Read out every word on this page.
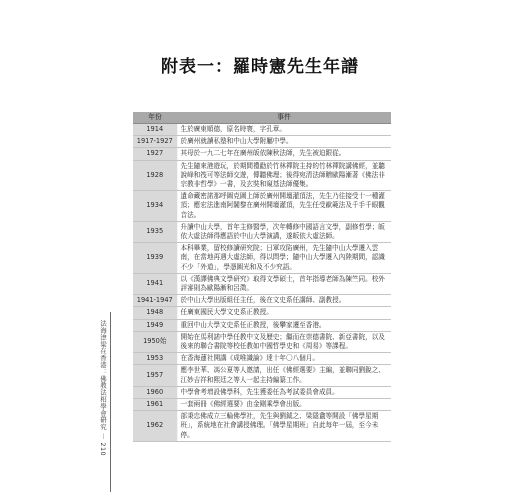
附表一：羅時憲先生年譜
年份	事件
1914	生於廣東順德，原名時寰，字孔章。
1917-1927	於廣州就讀私塾和中山大學附屬中學。
1927	其母於一九二七年在廣州皈依陳秋法師，先生被迫跟從。
1928	先生隨來港遊玩，於期間禮勸於竹林禪院主持的竹林禪院講佛經，並聽說峰和筏可等法師交遊，傳聽佛理；後得宛清法師贈歐陽漸著《佛法非宗教非哲學》一書，及玄奘和窺基法師優集。
1934	遺命藏密諾那呼圖克圖上師於廣州開壇灌頂法，先生乃往接受十一種灌頂；應宏法進南阿闍黎在廣州開壇灌頂，先生任受歐範法及千手千眼觀音法。
1935	升讀中山大學，首年主修醫學，次年轉修中國語言文學，副修哲學；皈依大虛法師得應語於中山大學演講，遂皈依大虛法師。
1939	本科畢業，留校修讀研究院；日軍攻陷廣州，先生隨中山大學遷入雲南，在當地再遇大虛法師，得以問學；隨中山大學遷入內陸期間，認識不少「外道」，學憑圖光和及不少究語。
1941	以《漢譯佛典文學研究》取得文學碩士，首年指導老師為陳竺同。校外評審則為歐陽漸和呂澂。
1941-1947	於中山大學出版組任主任，後在文史系任講師、副教授。
1948	任廣東國民大學文史系正教授。
1949	重回中山大學文史系任正教授，後攀家遷至香港。
1950始	開始在馬利諾中學任教中文及歷史；繼而在崇德書院、新亞書院，以及後來的聯合書院等校任教如中國哲學史和《周易》等課程。
1953	在香海蓮社開講《成唯識論》達十年〇八個月。
1957	應李世華、馮公夏等人邀請，出任《佛經選要》主編，並聯同劉銳之、江妙吉祥和熙廷之等人一起主持編纂工作。
1960	中學會考增設佛學科，先生獲委任為考試委員會成員。
1961	一套兩冊《佛經選要》由金剛乘學會出版。
1962	部秉忠佛成立三輪佛學社，先生與劉鉞之、梁隱盦等開設「佛學星期班」，系統地在社會講授佛理。「佛學星期班」自此每年一屆，至今未停。
法海津梁在香港：佛教法相學會研究 ︱ 210
